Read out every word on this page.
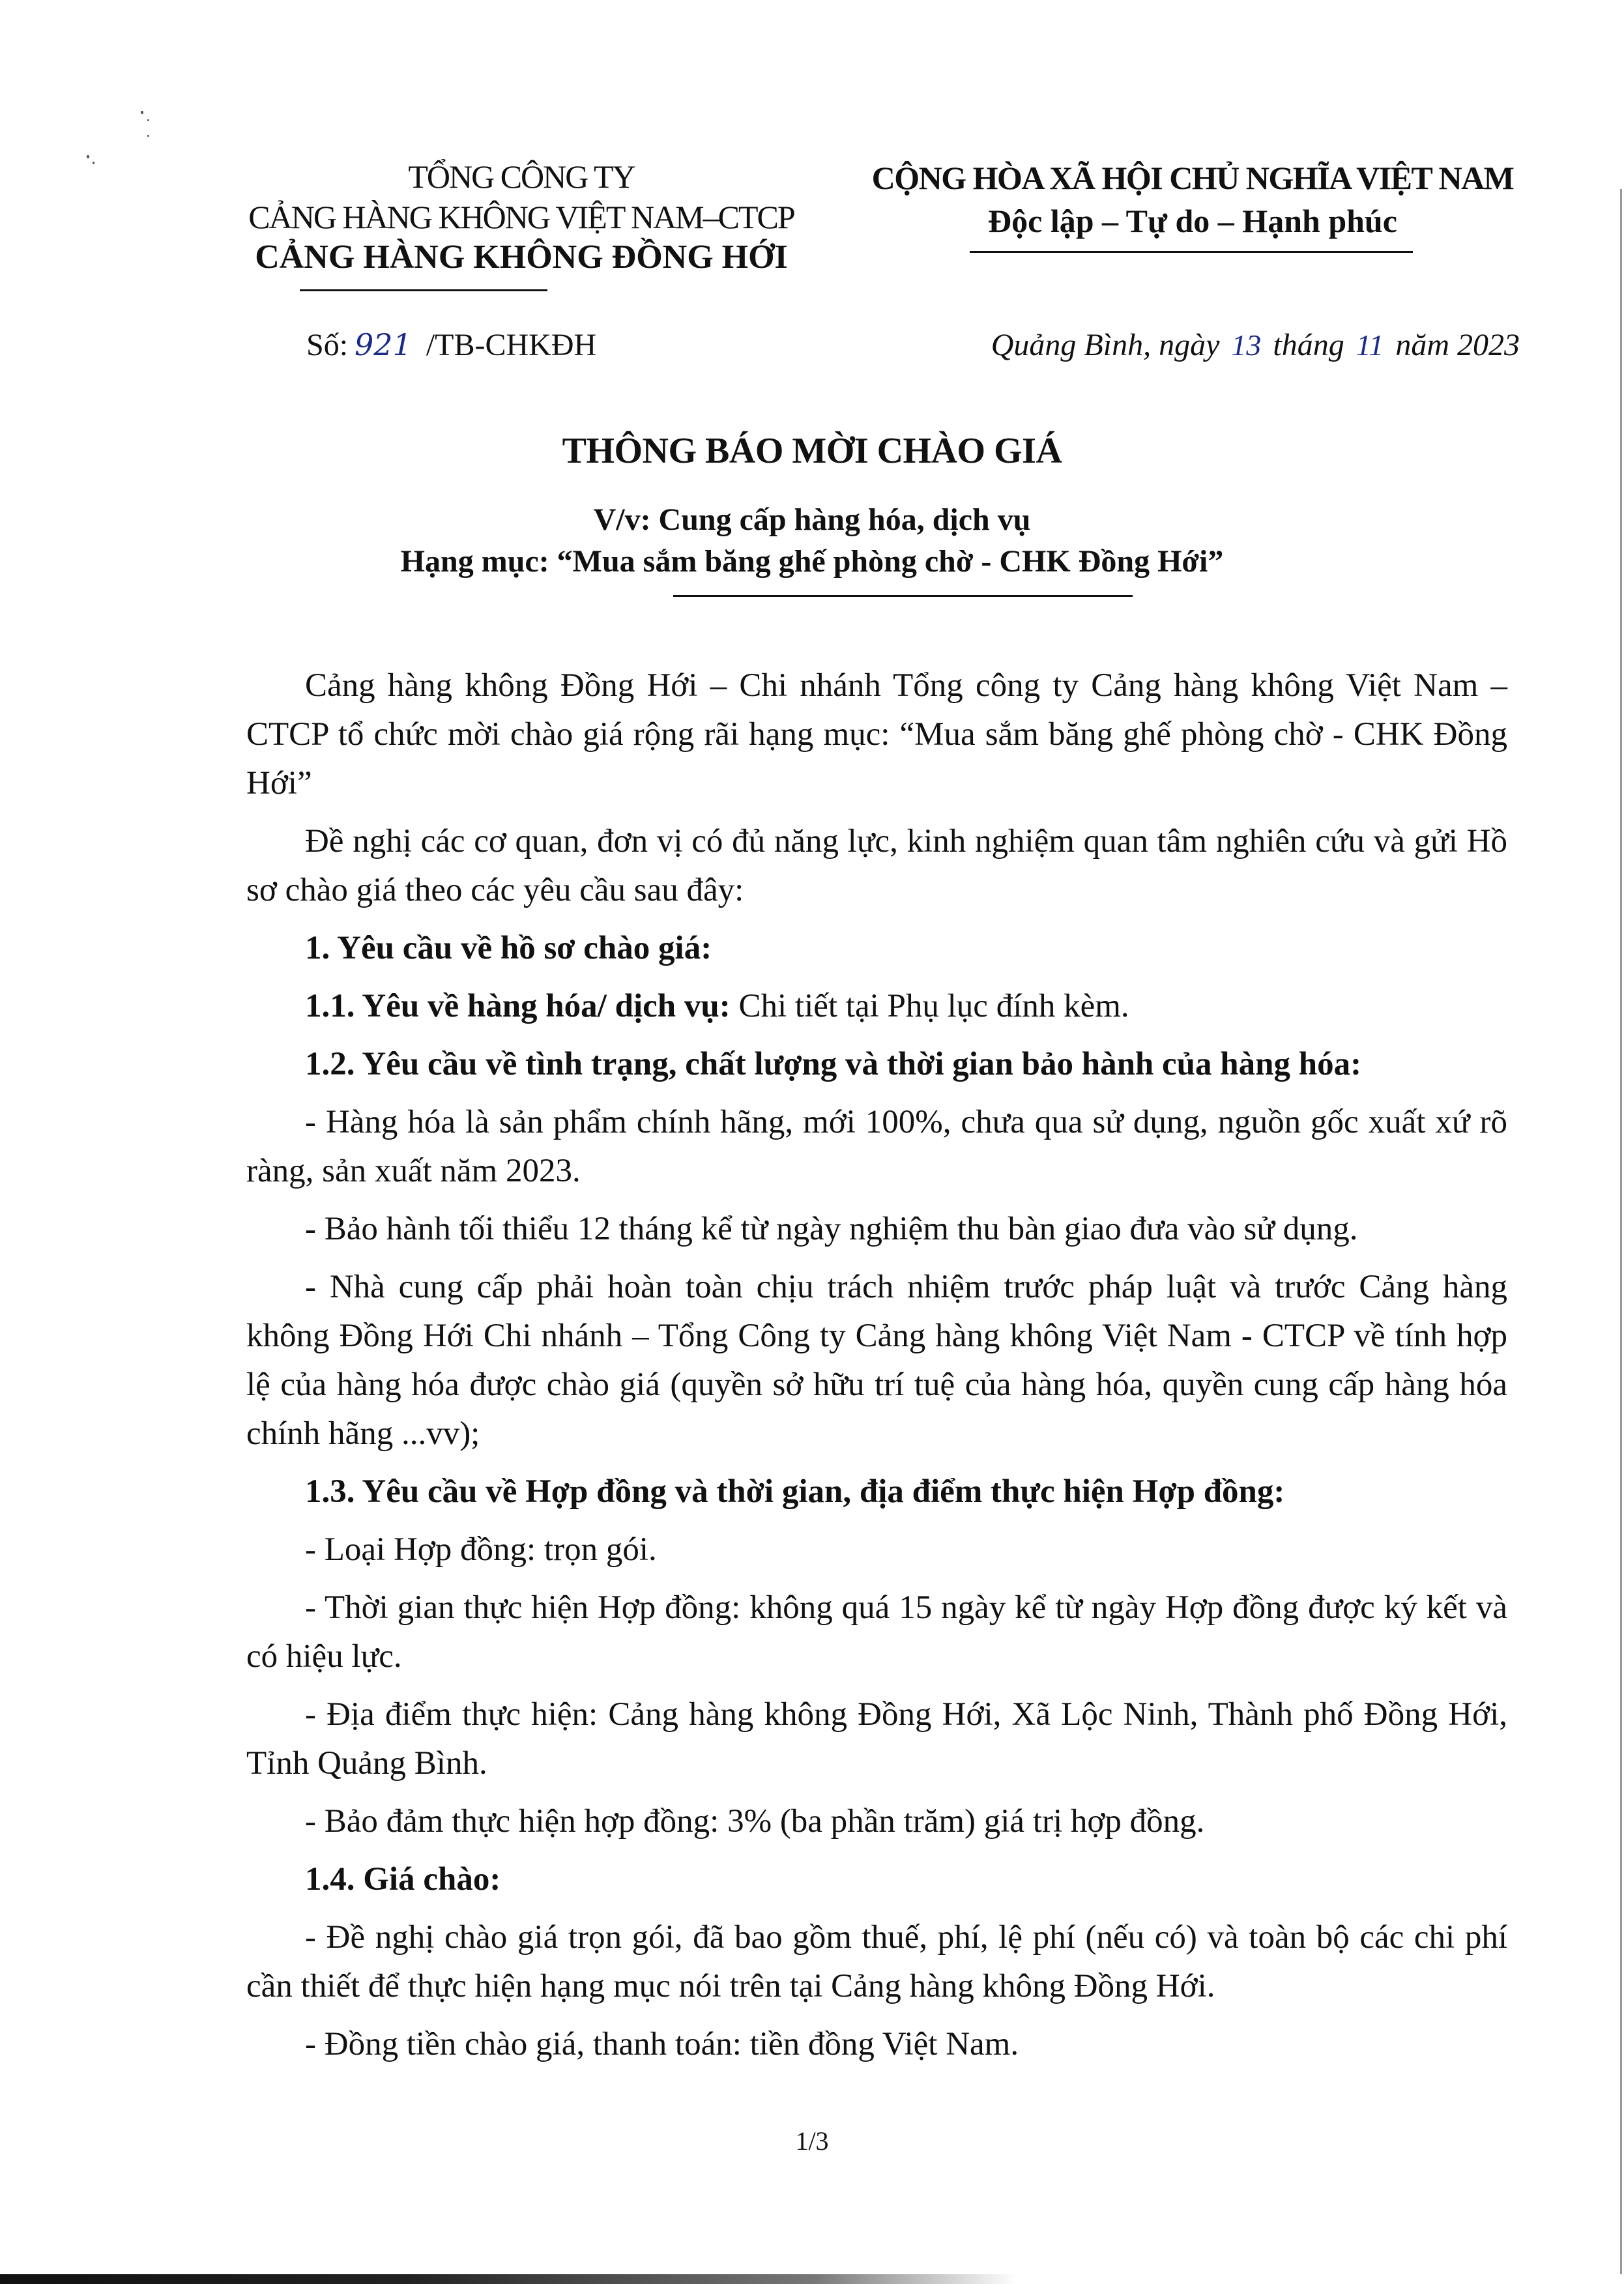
TỔNG CÔNG TY
CẢNG HÀNG KHÔNG VIỆT NAM–CTCP
CẢNG HÀNG KHÔNG ĐỒNG HỚI
CỘNG HÒA XÃ HỘI CHỦ NGHĨA VIỆT NAM
Độc lập – Tự do – Hạnh phúc
Số: 921 /TB-CHKĐH	Quảng Bình, ngày 13 tháng 11 năm 2023
THÔNG BÁO MỜI CHÀO GIÁ
V/v: Cung cấp hàng hóa, dịch vụ
Hạng mục: “Mua sắm băng ghế phòng chờ - CHK Đồng Hới”

Cảng hàng không Đồng Hới – Chi nhánh Tổng công ty Cảng hàng không Việt Nam – CTCP tổ chức mời chào giá rộng rãi hạng mục: “Mua sắm băng ghế phòng chờ - CHK Đồng Hới”

Đề nghị các cơ quan, đơn vị có đủ năng lực, kinh nghiệm quan tâm nghiên cứu và gửi Hồ sơ chào giá theo các yêu cầu sau đây:

1. Yêu cầu về hồ sơ chào giá:

1.1. Yêu về hàng hóa/ dịch vụ: Chi tiết tại Phụ lục đính kèm.

1.2. Yêu cầu về tình trạng, chất lượng và thời gian bảo hành của hàng hóa:

- Hàng hóa là sản phẩm chính hãng, mới 100%, chưa qua sử dụng, nguồn gốc xuất xứ rõ ràng, sản xuất năm 2023.

- Bảo hành tối thiểu 12 tháng kể từ ngày nghiệm thu bàn giao đưa vào sử dụng.

- Nhà cung cấp phải hoàn toàn chịu trách nhiệm trước pháp luật và trước Cảng hàng không Đồng Hới Chi nhánh – Tổng Công ty Cảng hàng không Việt Nam - CTCP về tính hợp lệ của hàng hóa được chào giá (quyền sở hữu trí tuệ của hàng hóa, quyền cung cấp hàng hóa chính hãng ...vv);

1.3. Yêu cầu về Hợp đồng và thời gian, địa điểm thực hiện Hợp đồng:

- Loại Hợp đồng: trọn gói.

- Thời gian thực hiện Hợp đồng: không quá 15 ngày kể từ ngày Hợp đồng được ký kết và có hiệu lực.

- Địa điểm thực hiện: Cảng hàng không Đồng Hới, Xã Lộc Ninh, Thành phố Đồng Hới, Tỉnh Quảng Bình.

- Bảo đảm thực hiện hợp đồng: 3% (ba phần trăm) giá trị hợp đồng.

1.4. Giá chào:

- Đề nghị chào giá trọn gói, đã bao gồm thuế, phí, lệ phí (nếu có) và toàn bộ các chi phí cần thiết để thực hiện hạng mục nói trên tại Cảng hàng không Đồng Hới.

- Đồng tiền chào giá, thanh toán: tiền đồng Việt Nam.

1/3
